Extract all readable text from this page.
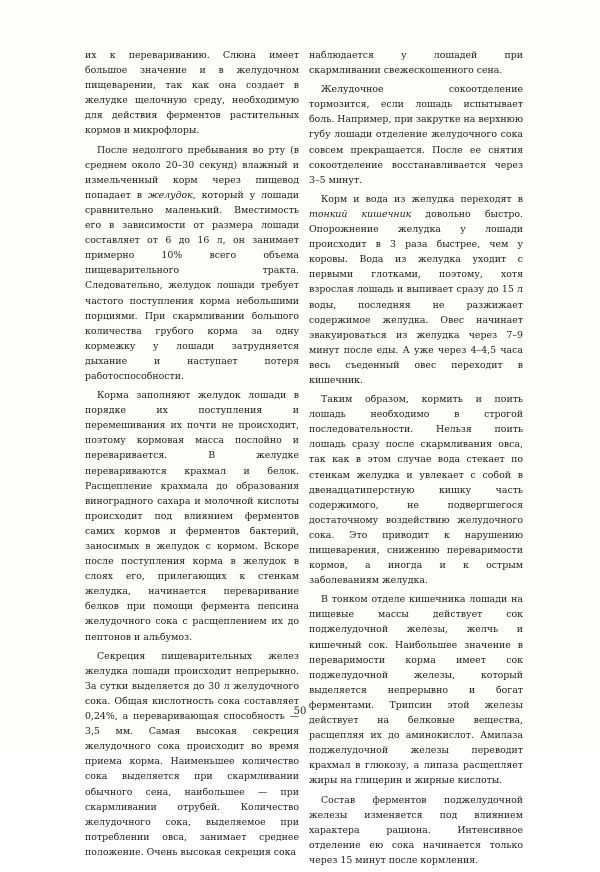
их к перевариванию. Слюна имеет большое значение и в желудочном пищеварении, так как она создает в желудке щелочную среду, необходимую для действия ферментов растительных кормов и микрофлоры.

После недолгого пребывания во рту (в среднем около 20–30 секунд) влажный и измельченный корм через пищевод попадает в желудок, который у лошади сравнительно маленький. Вместимость его в зависимости от размера лошади составляет от 6 до 16 л, он занимает примерно 10% всего объема пищеварительного тракта. Следовательно, желудок лошади требует частого поступления корма небольшими порциями. При скармливании большого количества грубого корма за одну кормежку у лошади затрудняется дыхание и наступает потеря работоспособности.

Корма заполняют желудок лошади в порядке их поступления и перемешивания их почти не происходит, поэтому кормовая масса послойно и переваривается. В желудке перевариваются крахмал и белок. Расщепление крахмала до образования виноградного сахара и молочной кислоты происходит под влиянием ферментов самих кормов и ферментов бактерий, заносимых в желудок с кормом. Вскоре после поступления корма в желудок в слоях его, прилегающих к стенкам желудка, начинается переваривание белков при помощи фермента пепсина желудочного сока с расщеплением их до пептонов и альбумоз.

Секреция пищеварительных желез желудка лошади происходит непрерывно. За сутки выделяется до 30 л желудочного сока. Общая кислотность сока составляет 0,24%, а переваривающая способность — 3,5 мм. Самая высокая секреция желудочного сока происходит во время приема корма. Наименьшее количество сока выделяется при скармливании обычного сена, наибольшее — при скармливании отрубей. Количество желудочного сока, выделяемое при потреблении овса, занимает среднее положение. Очень высокая секреция сока

наблюдается у лошадей при скармливании свежескошенного сена.

Желудочное сокоотделение тормозится, если лошадь испытывает боль. Например, при закрутке на верхнюю губу лошади отделение желудочного сока совсем прекращается. После ее снятия сокоотделение восстанавливается через 3–5 минут.

Корм и вода из желудка переходят в тонкий кишечник довольно быстро. Опорожнение желудка у лошади происходит в 3 раза быстрее, чем у коровы. Вода из желудка уходит с первыми глотками, поэтому, хотя взрослая лошадь и выпивает сразу до 15 л воды, последняя не разжижает содержимое желудка. Овес начинает эвакуироваться из желудка через 7–9 минут после еды. А уже через 4–4,5 часа весь съеденный овес переходит в кишечник.

Таким образом, кормить и поить лошадь необходимо в строгой последовательности. Нельзя поить лошадь сразу после скармливания овса, так как в этом случае вода стекает по стенкам желудка и увлекает с собой в двенадцатиперстную кишку часть содержимого, не подвергшегося достаточному воздействию желудочного сока. Это приводит к нарушению пищеварения, снижению переваримости кормов, а иногда и к острым заболеваниям желудка.

В тонком отделе кишечника лошади на пищевые массы действует сок поджелудочной железы, желчь и кишечный сок. Наибольшее значение в переваримости корма имеет сок поджелудочной железы, который выделяется непрерывно и богат ферментами. Трипсин этой железы действует на белковые вещества, расщепляя их до аминокислот. Амилаза поджелудочной железы переводит крахмал в глюкозу, а липаза расщепляет жиры на глицерин и жирные кислоты.

Состав ферментов поджелудочной железы изменяется под влиянием характера рациона. Интенсивное отделение ею сока начинается только через 15 минут после кормления.

50
